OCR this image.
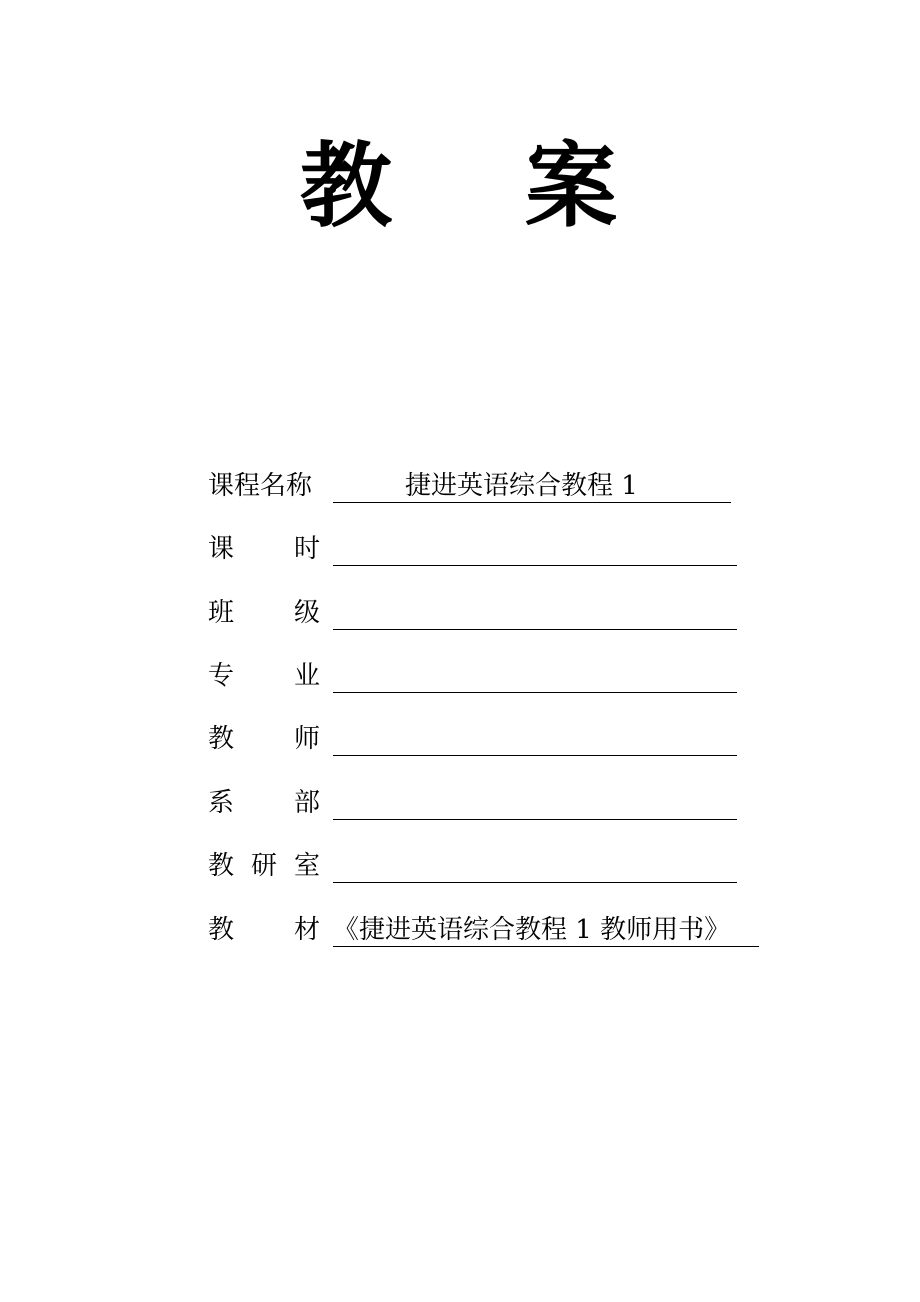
教 案
课程名称	捷进英语综合教程 1
课 时
班 级
专 业
教 师
系 部
教 研 室
教 材 《捷进英语综合教程 1 教师用书》
